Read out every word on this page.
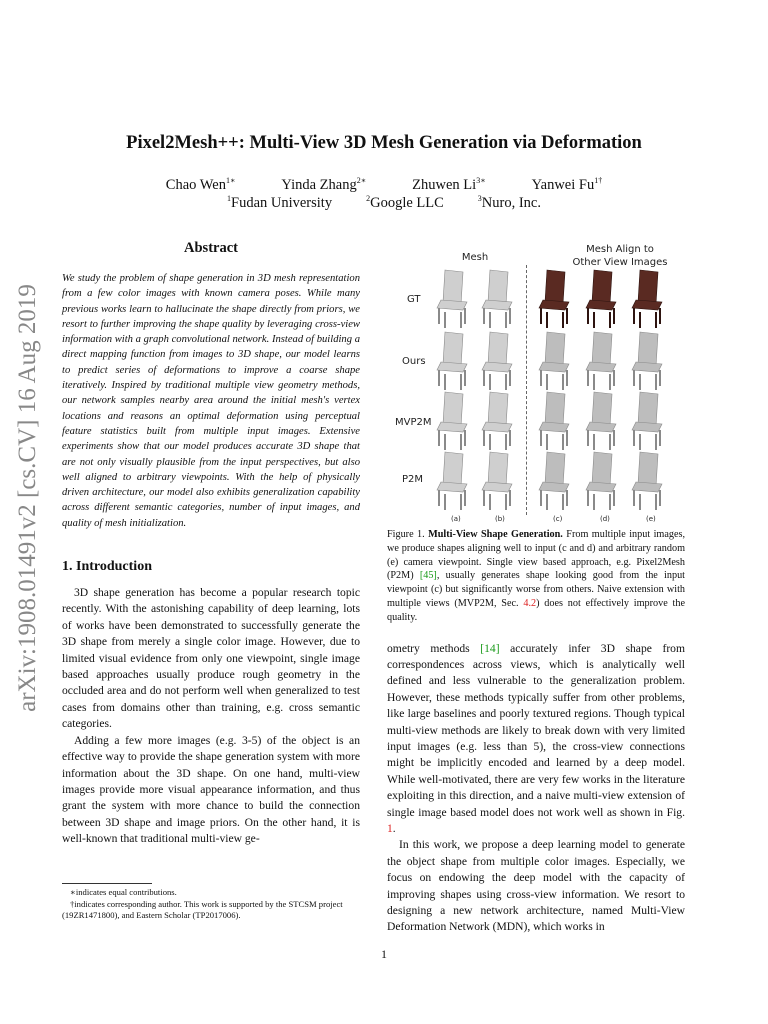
arXiv:1908.01491v2 [cs.CV] 16 Aug 2019
Pixel2Mesh++: Multi-View 3D Mesh Generation via Deformation
Chao Wen$^{1∗}$	Yinda Zhang$^{2∗}$	Zhuwen $Li^{3∗}$	Yanwei $Fu^{1\dagger}$
$^1$Fudan University	$^2$Google LLC	$^3$Nuro, Inc.
Abstract
We study the problem of shape generation in 3D mesh representation from a few color images with known camera poses. While many previous works learn to hallucinate the shape directly from priors, we resort to further improving the shape quality by leveraging cross-view information with a graph convolutional network. Instead of building a direct mapping function from images to 3D shape, our model learns to predict series of deformations to improve a coarse shape iteratively. Inspired by traditional multiple view geometry methods, our network samples nearby area around the initial mesh's vertex locations and reasons an optimal deformation using perceptual feature statistics built from multiple input images. Extensive experiments show that our model produces accurate 3D shape that are not only visually plausible from the input perspectives, but also well aligned to arbitrary viewpoints. With the help of physically driven architecture, our model also exhibits generalization capability across different semantic categories, number of input images, and quality of mesh initialization.
1. Introduction

3D shape generation has become a popular research topic recently. With the astonishing capability of deep learning, lots of works have been demonstrated to successfully generate the 3D shape from merely a single color image. However, due to limited visual evidence from only one viewpoint, single image based approaches usually produce rough geometry in the occluded area and do not perform well when generalized to test cases from domains other than training, e.g. cross semantic categories.

Adding a few more images (e.g. 3-5) of the object is an effective way to provide the shape generation system with more information about the 3D shape. On one hand, multi-view images provide more visual appearance information, and thus grant the system with more chance to build the connection between 3D shape and image priors. On the other hand, it is well-known that traditional multi-view ge-

∗indicates equal contributions.
†indicates corresponding author. This work is supported by the STCSM project (19ZR1471800), and Eastern Scholar (TP2017006).
Mesh
Mesh Align to
Other View Images
GT
Ours
MVP2M
P2M
(a)	(b)	(c)	(d)	(e)
Figure 1. Multi-View Shape Generation. From multiple input images, we produce shapes aligning well to input (c and d) and arbitrary random (e) camera viewpoint. Single view based approach, e.g. Pixel2Mesh (P2M) [45], usually generates shape looking good from the input viewpoint (c) but significantly worse from others. Naive extension with multiple views (MVP2M, Sec. 4.2) does not effectively improve the quality.

ometry methods [14] accurately infer 3D shape from correspondences across views, which is analytically well defined and less vulnerable to the generalization problem. However, these methods typically suffer from other problems, like large baselines and poorly textured regions. Though typical multi-view methods are likely to break down with very limited input images (e.g. less than 5), the cross-view connections might be implicitly encoded and learned by a deep model. While well-motivated, there are very few works in the literature exploiting in this direction, and a naive multi-view extension of single image based model does not work well as shown in Fig. 1.

In this work, we propose a deep learning model to generate the object shape from multiple color images. Especially, we focus on endowing the deep model with the capacity of improving shapes using cross-view information. We resort to designing a new network architecture, named Multi-View Deformation Network (MDN), which works in

1
